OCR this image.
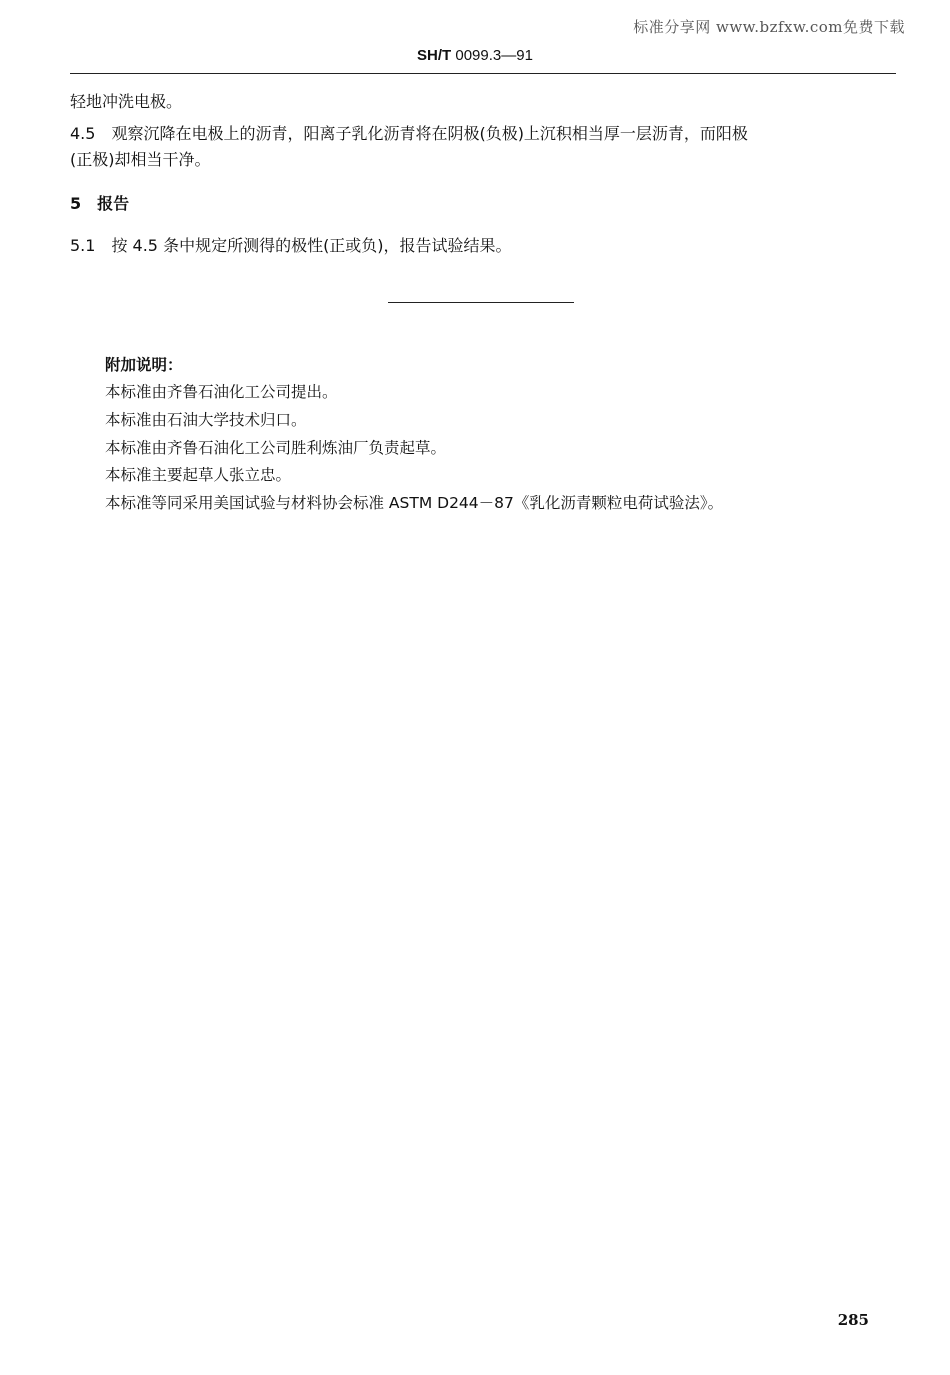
标准分享网 www.bzfxw.com免费下载
SH/T 0099.3—91
轻地冲洗电极。
4.5　观察沉降在电极上的沥青，阳离子乳化沥青将在阴极(负极)上沉积相当厚一层沥青，而阳极
(正极)却相当干净。
5　报告
5.1　按 4.5 条中规定所测得的极性(正或负)，报告试验结果。
附加说明：
本标准由齐鲁石油化工公司提出。
本标准由石油大学技术归口。
本标准由齐鲁石油化工公司胜利炼油厂负责起草。
本标准主要起草人张立忠。
本标准等同采用美国试验与材料协会标准 ASTM D244－87《乳化沥青颗粒电荷试验法》。
285
